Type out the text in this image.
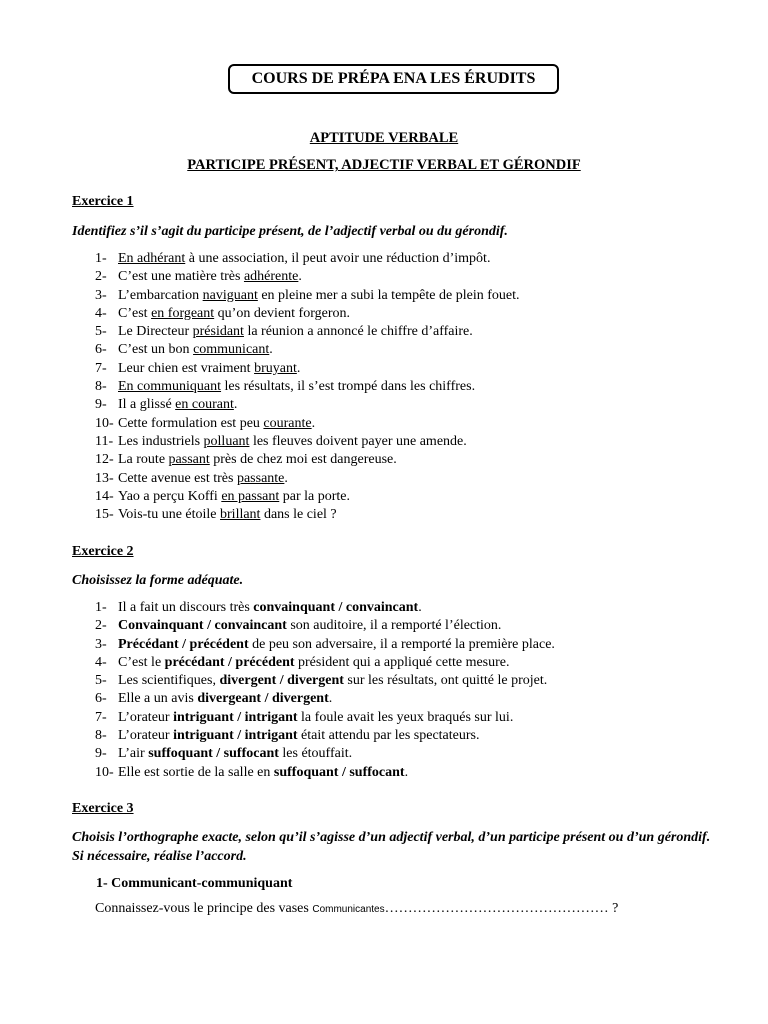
COURS DE PRÉPA ENA LES ÉRUDITS
APTITUDE VERBALE
PARTICIPE PRÉSENT, ADJECTIF VERBAL ET GÉRONDIF
Exercice 1
Identifiez s’il s’agit du participe présent, de l’adjectif verbal ou du gérondif.
1- En adhérant à une association, il peut avoir une réduction d’impôt.
2- C’est une matière très adhérente.
3- L’embarcation naviguant en pleine mer a subi la tempête de plein fouet.
4- C’est en forgeant qu’on devient forgeron.
5- Le Directeur présidant la réunion a annoncé le chiffre d’affaire.
6- C’est un bon communicant.
7- Leur chien est vraiment bruyant.
8- En communiquant les résultats, il s’est trompé dans les chiffres.
9- Il a glissé en courant.
10- Cette formulation est peu courante.
11- Les industriels polluant les fleuves doivent payer une amende.
12- La route passant près de chez moi est dangereuse.
13- Cette avenue est très passante.
14- Yao a perçu Koffi en passant par la porte.
15- Vois-tu une étoile brillant dans le ciel ?
Exercice 2
Choisissez la forme adéquate.
1- Il a fait un discours très convainquant / convaincant.
2- Convainquant / convaincant son auditoire, il a remporté l’élection.
3- Précédant / précédent de peu son adversaire, il a remporté la première place.
4- C’est le précédant / précédent président qui a appliqué cette mesure.
5- Les scientifiques, divergent / divergent sur les résultats, ont quitté le projet.
6- Elle a un avis divergeant / divergent.
7- L’orateur intriguant / intrigant la foule avait les yeux braqués sur lui.
8- L’orateur intriguant / intrigant était attendu par les spectateurs.
9- L’air suffoquant / suffocant les étouffait.
10- Elle est sortie de la salle en suffoquant / suffocant.
Exercice 3
Choisis l’orthographe exacte, selon qu’il s’agisse d’un adjectif verbal, d’un participe présent ou d’un gérondif. Si nécessaire, réalise l’accord.
1- Communicant-communiquant
Connaissez-vous le principe des vases Communicantes………………………………………… ?
